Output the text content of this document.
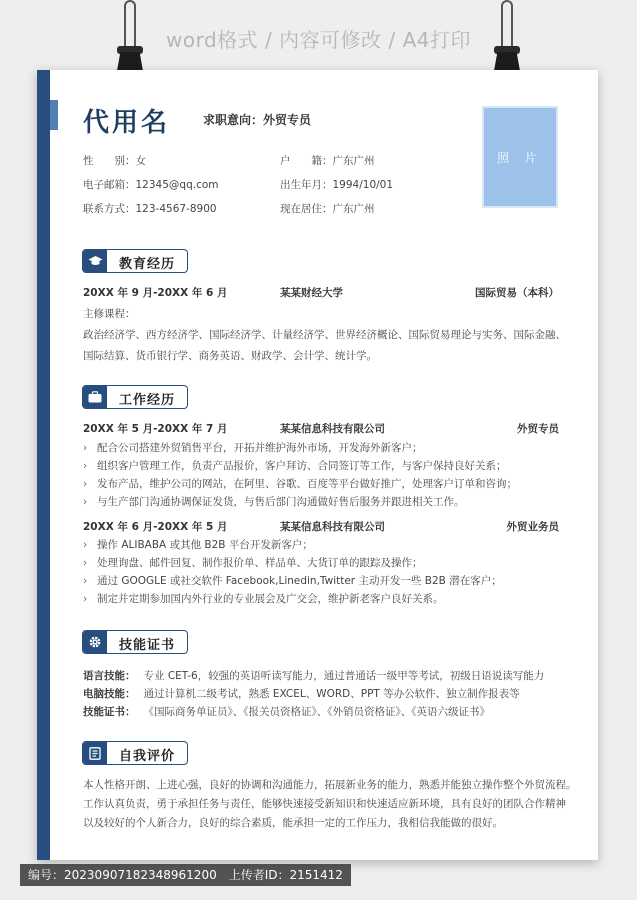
word格式 / 内容可修改 / A4打印
代用名	求职意向：外贸专员
照 片
性　　别：女	户　　籍：广东广州
电子邮箱：12345@qq.com	出生年月：1994/10/01
联系方式：123-4567-8900	现在居住：广东广州
教育经历
20XX 年 9 月-20XX 年 6 月	某某财经大学	国际贸易（本科）
主修课程：
政治经济学、西方经济学、国际经济学、计量经济学、世界经济概论、国际贸易理论与实务、国际金融、
国际结算、货币银行学、商务英语、财政学、会计学、统计学。
工作经历
20XX 年 5 月-20XX 年 7 月	某某信息科技有限公司	外贸专员
› 配合公司搭建外贸销售平台，开拓并维护海外市场，开发海外新客户；
› 组织客户管理工作，负责产品报价，客户拜访、合同签订等工作，与客户保持良好关系；
› 发布产品，维护公司的网站，在阿里、谷歌、百度等平台做好推广，处理客户订单和咨询；
› 与生产部门沟通协调保证发货，与售后部门沟通做好售后服务并跟进相关工作。
20XX 年 6 月-20XX 年 5 月	某某信息科技有限公司	外贸业务员
› 操作 ALIBABA 或其他 B2B 平台开发新客户；
› 处理询盘、邮件回复、制作报价单、样品单、大货订单的跟踪及操作；
› 通过 GOOGLE 或社交软件 Facebook,Linedin,Twitter 主动开发一些 B2B 潜在客户；
› 制定并定期参加国内外行业的专业展会及广交会，维护新老客户良好关系。
技能证书
语言技能： 专业 CET-6，较强的英语听读写能力，通过普通话一级甲等考试，初级日语说读写能力
电脑技能： 通过计算机二级考试，熟悉 EXCEL、WORD、PPT 等办公软件、独立制作报表等
技能证书： 《国际商务单证员》、《报关员资格证》、《外销员资格证》、《英语六级证书》
自我评价
本人性格开朗、上进心强，良好的协调和沟通能力，拓展新业务的能力，熟悉并能独立操作整个外贸流程。
工作认真负责，勇于承担任务与责任，能够快速接受新知识和快速适应新环境，具有良好的团队合作精神
以及较好的个人新合力，良好的综合素质，能承担一定的工作压力，我相信我能做的很好。
编号：20230907182348961200 上传者ID：2151412
